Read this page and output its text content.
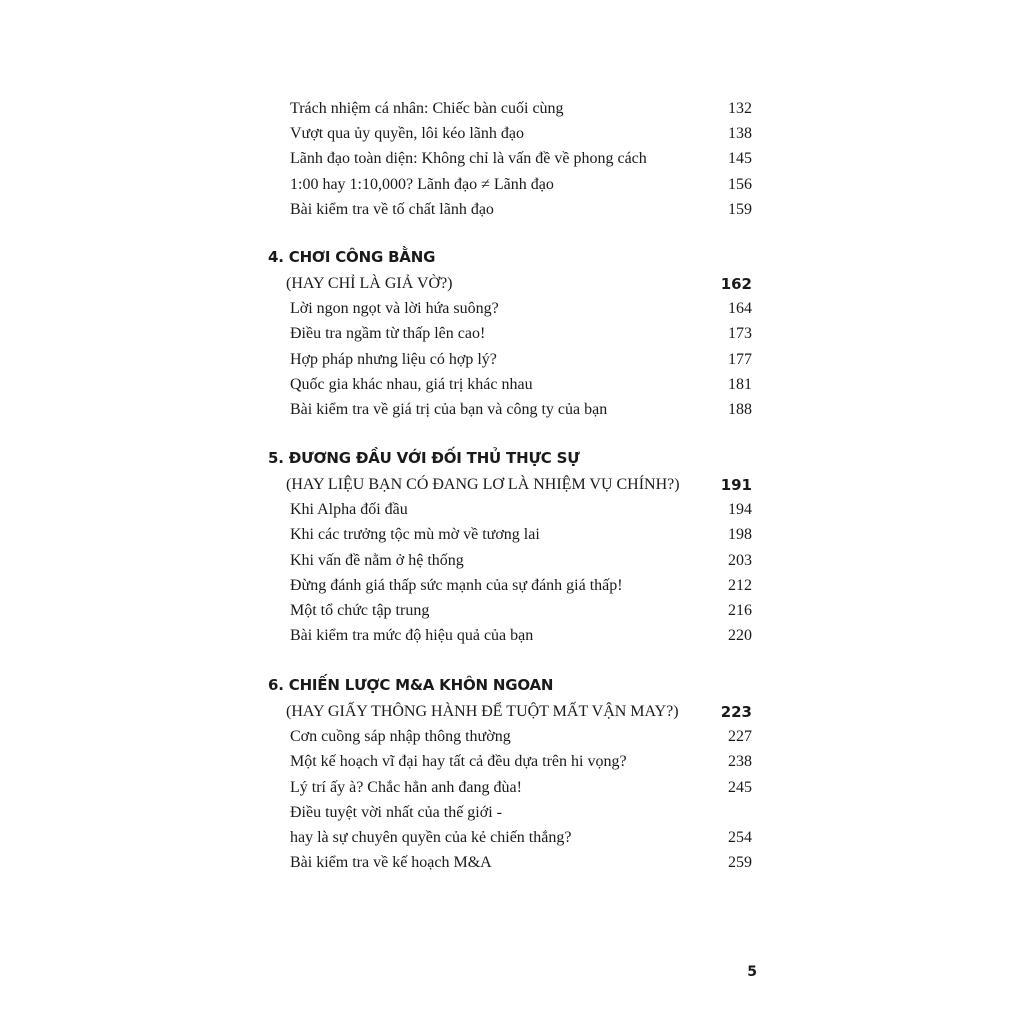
Trách nhiệm cá nhân: Chiếc bàn cuối cùng	132
Vượt qua ủy quyền, lôi kéo lãnh đạo	138
Lãnh đạo toàn diện: Không chỉ là vấn đề về phong cách	145
1:00 hay 1:10,000? Lãnh đạo ≠ Lãnh đạo	156
Bài kiểm tra về tố chất lãnh đạo	159
4. CHƠI CÔNG BẰNG
(HAY CHỈ LÀ GIẢ VỜ?)	162
Lời ngon ngọt và lời hứa suông?	164
Điều tra ngầm từ thấp lên cao!	173
Hợp pháp nhưng liệu có hợp lý?	177
Quốc gia khác nhau, giá trị khác nhau	181
Bài kiểm tra về giá trị của bạn và công ty của bạn	188
5. ĐƯƠNG ĐẦU VỚI ĐỐI THỦ THỰC SỰ
(HAY LIỆU BẠN CÓ ĐANG LƠ LÀ NHIỆM VỤ CHÍNH?)	191
Khi Alpha đối đầu	194
Khi các trưởng tộc mù mờ về tương lai	198
Khi vấn đề nằm ở hệ thống	203
Đừng đánh giá thấp sức mạnh của sự đánh giá thấp!	212
Một tổ chức tập trung	216
Bài kiểm tra mức độ hiệu quả của bạn	220
6. CHIẾN LƯỢC M&A KHÔN NGOAN
(HAY GIẤY THÔNG HÀNH ĐỂ TUỘT MẤT VẬN MAY?)	223
Cơn cuồng sáp nhập thông thường	227
Một kế hoạch vĩ đại hay tất cả đều dựa trên hi vọng?	238
Lý trí ấy à? Chắc hẳn anh đang đùa!	245
Điều tuyệt vời nhất của thế giới -
hay là sự chuyên quyền của kẻ chiến thắng?	254
Bài kiểm tra về kế hoạch M&A	259
5
